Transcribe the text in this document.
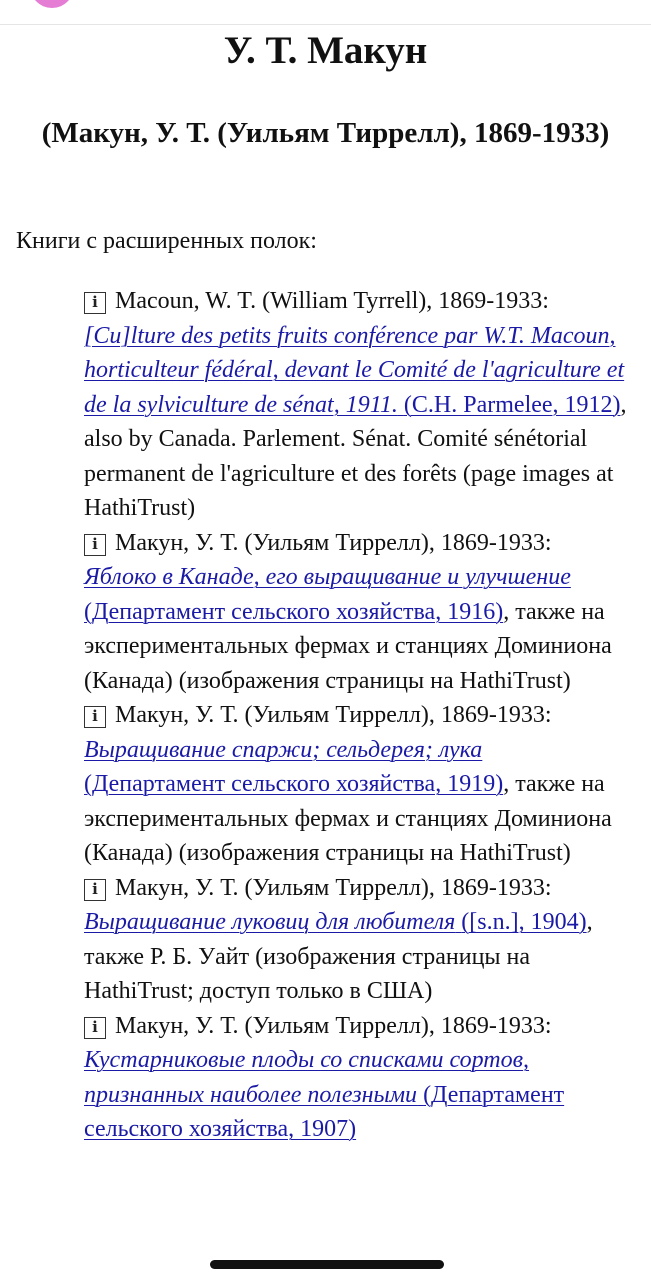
У. Т. Макун
(Макун, У. Т. (Уильям Тиррелл), 1869-1933)

Книги с расширенных полок:

i Macoun, W. T. (William Tyrrell), 1869-1933: [Cu]lture des petits fruits conférence par W.T. Macoun, horticulteur fédéral, devant le Comité de l'agriculture et de la sylviculture de sénat, 1911. (C.H. Parmelee, 1912), also by Canada. Parlement. Sénat. Comité sénétorial permanent de l'agriculture et des forêts (page images at HathiTrust)
i Макун, У. Т. (Уильям Тиррелл), 1869-1933: Яблоко в Канаде, его выращивание и улучшение (Департамент сельского хозяйства, 1916), также на экспериментальных фермах и станциях Доминиона (Канада) (изображения страницы на HathiTrust)
i Макун, У. Т. (Уильям Тиррелл), 1869-1933: Выращивание спаржи; сельдерея; лука (Департамент сельского хозяйства, 1919), также на экспериментальных фермах и станциях Доминиона (Канада) (изображения страницы на HathiTrust)
i Макун, У. Т. (Уильям Тиррелл), 1869-1933: Выращивание луковиц для любителя ([s.n.], 1904), также Р. Б. Уайт (изображения страницы на HathiTrust; доступ только в США)
i Макун, У. Т. (Уильям Тиррелл), 1869-1933: Кустарниковые плоды со списками сортов, признанных наиболее полезными (Департамент сельского хозяйства, 1907)
